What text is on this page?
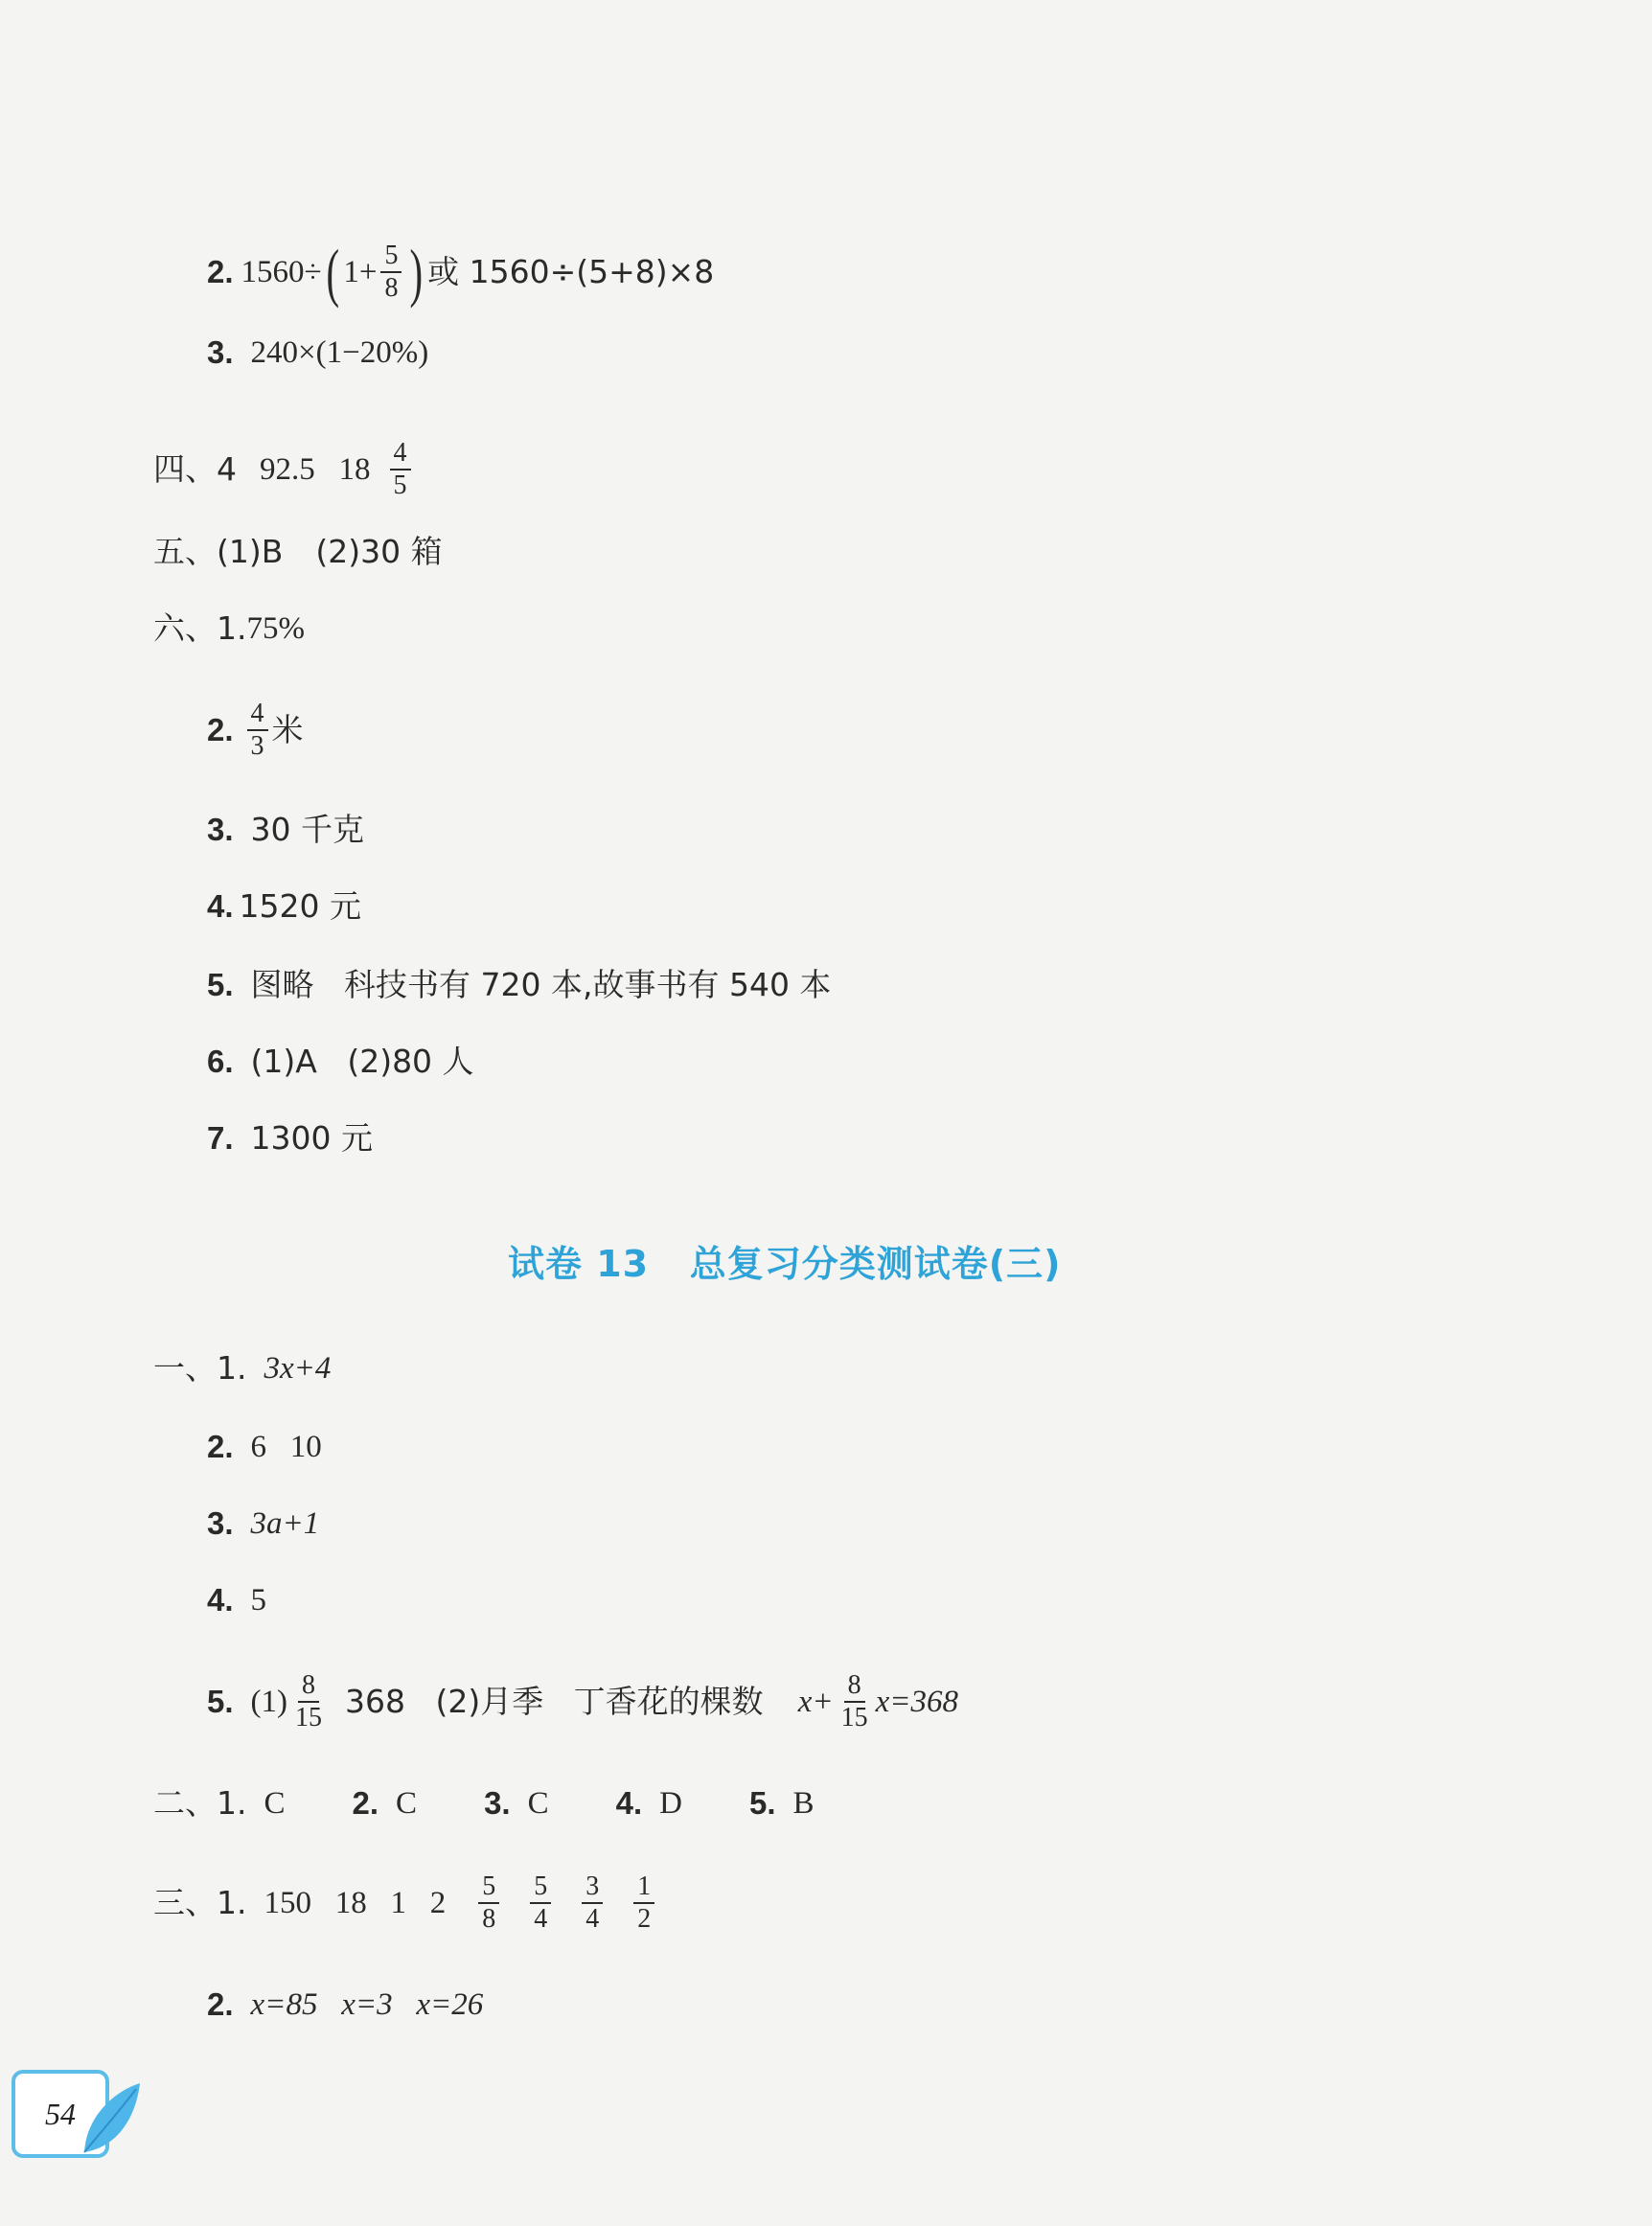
2. 1560÷ ( $1+ \frac{5}{8}$ ) 或 1560÷(5+8)×8
3. 240×(1−20%)
四、4 92.5   $18 \frac{4}{5}$
五、(1)B (2)30 箱
六、1. 75%
2. $\frac{4}{3}$ 米
3. 30 千克
4. 1520 元
5. 图略   科技书有 720 本,故事书有 540 本
6. (1)A   (2)80 人
7. 1300 元
试卷 13   总复习分类测试卷(三)
一、1. 3x+4
2. 6   10
3. 3a+1
4. 5
5. $(1) \frac{8}{15} 368$   (2)月季   丁香花的棵数 $x+ \frac{8}{15} x=368$
二、1. C 2. C 3. C 4. D 5. B
三、1. 150   18   1   $2 \frac{5}{8} \frac{5}{4} \frac{3}{4} \frac{1}{2}$
2. x=85   x=3   x=26
54
